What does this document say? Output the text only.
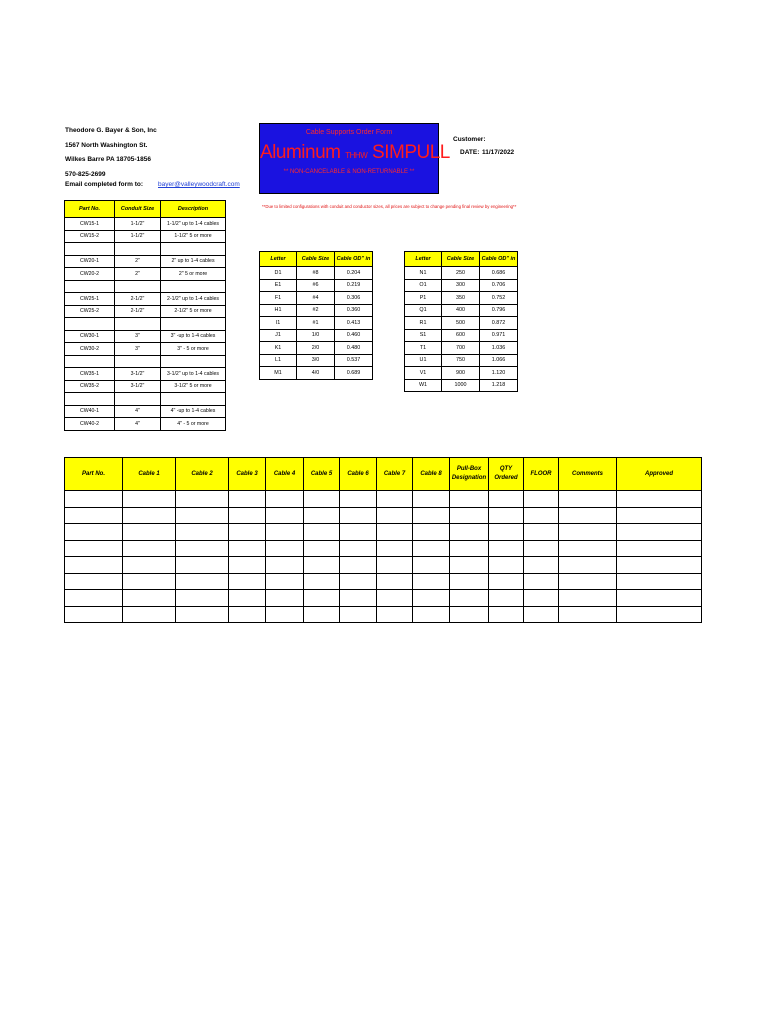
Theodore G. Bayer & Son, Inc
1567 North Washington St.
Wilkes Barre PA 18705-1856
570-825-2699
Email completed form to: bayer@valleywoodcraft.com
Cable Supports Order Form
Aluminum THHW SIMPULL
** NON-CANCELABLE & NON-RETURNABLE **
Customer:
DATE: 11/17/2022
**Due to limited configurations with conduit and conductor sizes, all prices are subject to change pending final review by engineering**
Part No.	Conduit Size	Description
CW15-1	1-1/2"	1-1/2" up to 1-4 cables
CW15-2	1-1/2"	1-1/2" 5 or more

CW20-1	2"	2" up to 1-4 cables
CW20-2	2"	2" 5 or more

CW25-1	2-1/2"	2-1/2" up to 1-4 cables
CW25-2	2-1/2"	2-1/2" 5 or more

CW30-1	3"	3" -up to 1-4 cables
CW30-2	3"	3" - 5 or more

CW35-1	3-1/2"	3-1/2" up to 1-4 cables
CW35-2	3-1/2"	3-1/2" 5 or more

CW40-1	4"	4" -up to 1-4 cables
CW40-2	4"	4" - 5 or more
Letter	Cable Size	Cable OD" in
D1	#8	0.204
E1	#6	0.219
F1	#4	0.306
H1	#2	0.360
I1	#1	0.413
J1	1/0	0.460
K1	2/0	0.480
L1	3/0	0.537
M1	4/0	0.689
Letter	Cable Size	Cable OD" in
N1	250	0.686
O1	300	0.706
P1	350	0.752
Q1	400	0.796
R1	500	0.872
S1	600	0.971
T1	700	1.036
U1	750	1.066
V1	900	1.120
W1	1000	1.218
Part No.	Cable 1	Cable 2	Cable 3	Cable 4	Cable 5	Cable 6	Cable 7	Cable 8	Pull-Box Designation	QTY Ordered	FLOOR	Comments	Approved
